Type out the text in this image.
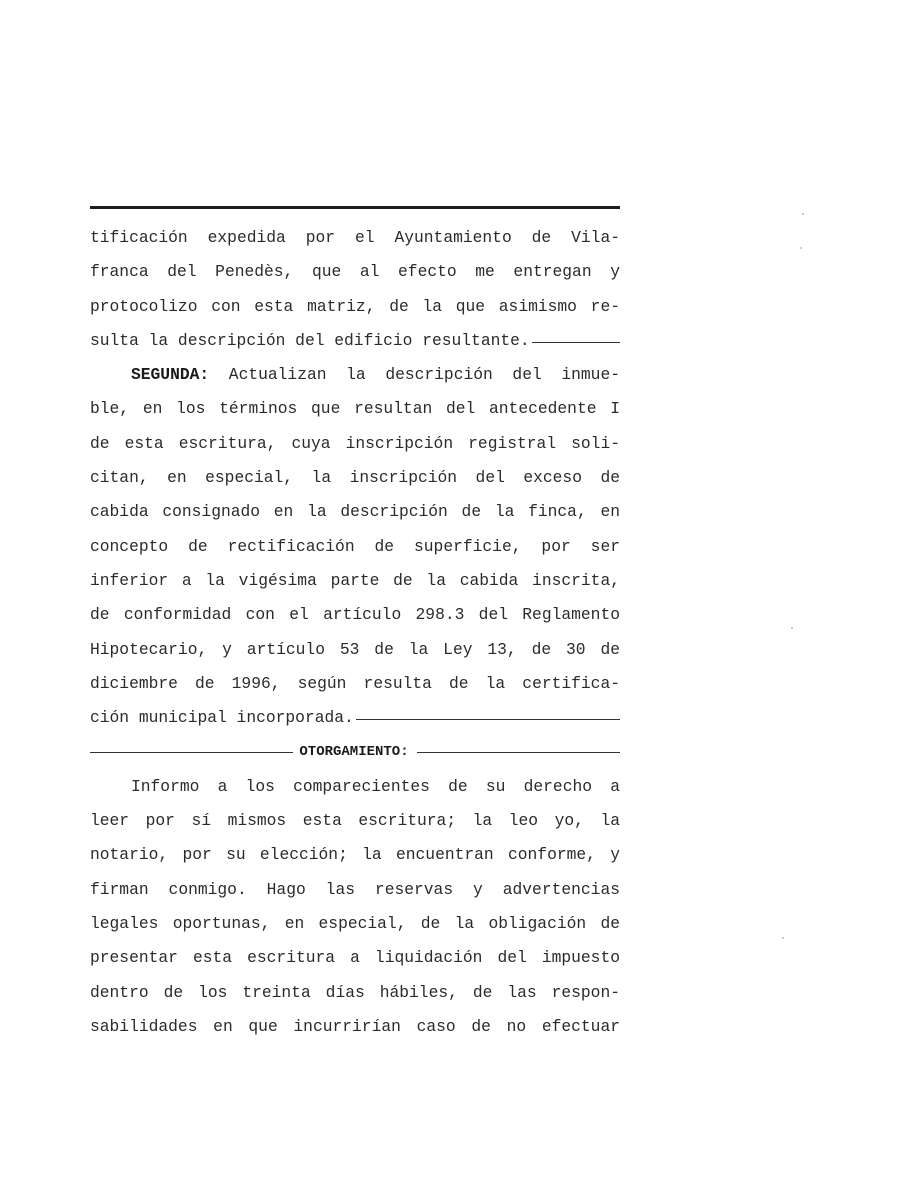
tificación expedida por el Ayuntamiento de Vila-
franca del Penedès, que al efecto me entregan y
protocolizo con esta matriz, de la que asimismo re-
sulta la descripción del edificio resultante.
SEGUNDA: Actualizan la descripción del inmue-
ble, en los términos que resultan del antecedente I
de esta escritura, cuya inscripción registral soli-
citan, en especial, la inscripción del exceso de
cabida consignado en la descripción de la finca, en
concepto de rectificación de superficie, por ser
inferior a la vigésima parte de la cabida inscrita,
de conformidad con el artículo 298.3 del Reglamento
Hipotecario, y artículo 53 de la Ley 13, de 30 de
diciembre de 1996, según resulta de la certifica-
ción municipal incorporada.
OTORGAMIENTO:
Informo a los comparecientes de su derecho a
leer por sí mismos esta escritura; la leo yo, la
notario, por su elección; la encuentran conforme, y
firman conmigo. Hago las reservas y advertencias
legales oportunas, en especial, de la obligación de
presentar esta escritura a liquidación del impuesto
dentro de los treinta días hábiles, de las respon-
sabilidades en que incurrirían caso de no efectuar
